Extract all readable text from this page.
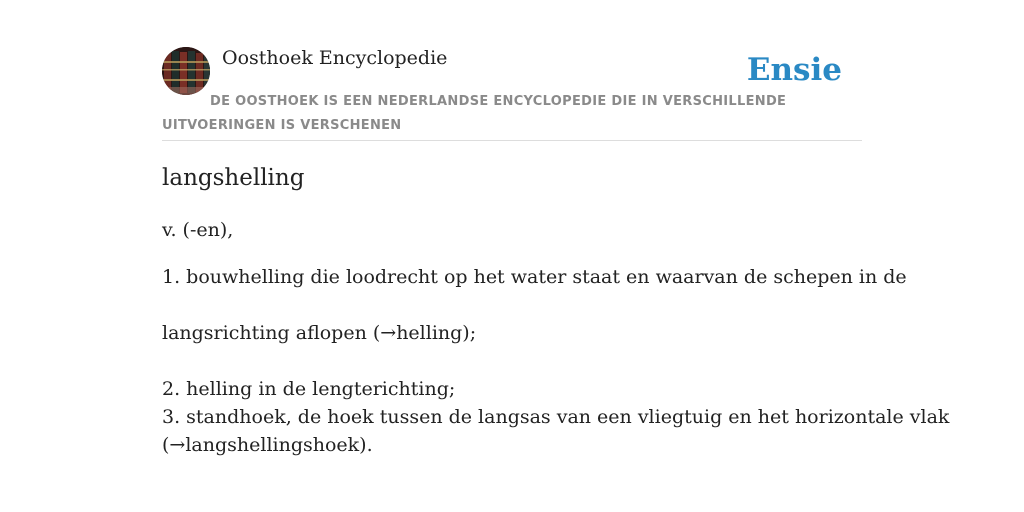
Oosthoek Encyclopedie	Ensie
DE OOSTHOEK IS EEN NEDERLANDSE ENCYCLOPEDIE DIE IN VERSCHILLENDE UITVOERINGEN IS VERSCHENEN
langshelling
v. (-en),
1. bouwhelling die loodrecht op het water staat en waarvan de schepen in de
langsrichting aflopen (→helling);
2. helling in de lengterichting;
3. standhoek, de hoek tussen de langsas van een vliegtuig en het horizontale vlak
(→langshellingshoek).
